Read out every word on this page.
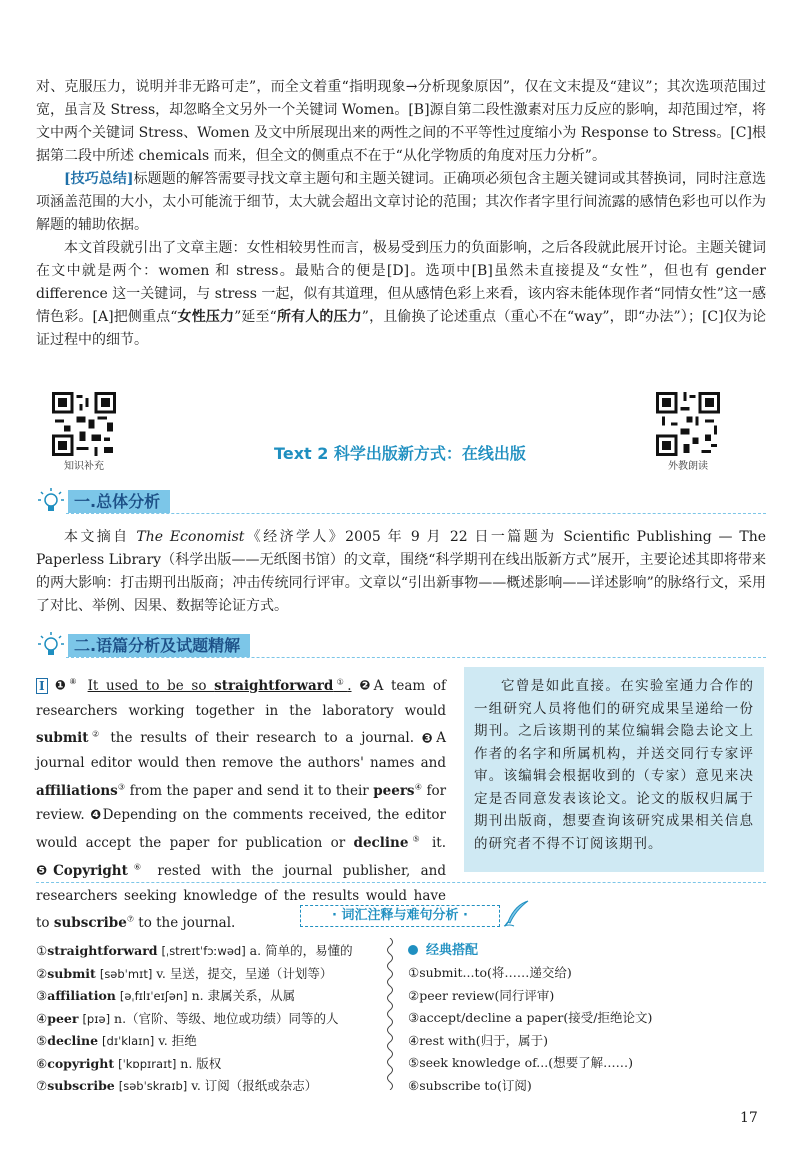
对、克服压力，说明并非无路可走”，而全文着重“指明现象→分析现象原因”，仅在文末提及“建议”；其次选项范围过宽，虽言及 Stress，却忽略全文另外一个关键词 Women。[B]源自第二段性激素对压力反应的影响，却范围过窄，将文中两个关键词 Stress、Women 及文中所展现出来的两性之间的不平等性过度缩小为 Response to Stress。[C]根据第二段中所述 chemicals 而来，但全文的侧重点不在于“从化学物质的角度对压力分析”。

[技巧总结]标题题的解答需要寻找文章主题句和主题关键词。正确项必须包含主题关键词或其替换词，同时注意选项涵盖范围的大小，太小可能流于细节，太大就会超出文章讨论的范围；其次作者字里行间流露的感情色彩也可以作为解题的辅助依据。

本文首段就引出了文章主题：女性相较男性而言，极易受到压力的负面影响，之后各段就此展开讨论。主题关键词在文中就是两个：women 和 stress。最贴合的便是[D]。选项中[B]虽然未直接提及“女性”，但也有 gender difference 这一关键词，与 stress 一起，似有其道理，但从感情色彩上来看，该内容未能体现作者“同情女性”这一感情色彩。[A]把侧重点“女性压力”延至“所有人的压力”，且偷换了论述重点（重心不在“way”，即“办法”）；[C]仅为论证过程中的细节。

知识补充	外教朗读
Text 2 科学出版新方式：在线出版
一.总体分析

本文摘自 The Economist《经济学人》2005 年 9 月 22 日一篇题为 Scientific Publishing — The Paperless Library（科学出版——无纸图书馆）的文章，围绕“科学期刊在线出版新方式”展开，主要论述其即将带来的两大影响：打击期刊出版商；冲击传统同行评审。文章以“引出新事物——概述影响——详述影响”的脉络行文，采用了对比、举例、因果、数据等论证方式。

二.语篇分析及试题精解
I ❶⑧ It used to be so straightforward①. ❷A team of researchers working together in the laboratory would submit② the results of their research to a journal. ❸A journal editor would then remove the authors' names and affiliations③ from the paper and send it to their peers④ for review. ❹Depending on the comments received, the editor would accept the paper for publication or decline⑤ it. ❺Copyright⑥ rested with the journal publisher, and researchers seeking knowledge of the results would have to subscribe⑦ to the journal.

它曾是如此直接。在实验室通力合作的一组研究人员将他们的研究成果呈递给一份期刊。之后该期刊的某位编辑会隐去论文上作者的名字和所属机构，并送交同行专家评审。该编辑会根据收到的（专家）意见来决定是否同意发表该论文。论文的版权归属于期刊出版商，想要查询该研究成果相关信息的研究者不得不订阅该期刊。

· 词汇注释与难句分析 ·
①straightforward [ˌstreɪtˈfɔːwəd] a. 简单的，易懂的
②submit [səbˈmɪt] v. 呈送，提交，呈递（计划等）
③affiliation [əˌfɪlɪˈeɪʃən] n. 隶属关系，从属
④peer [pɪə] n.（官阶、等级、地位或功绩）同等的人
⑤decline [dɪˈklaɪn] v. 拒绝
⑥copyright [ˈkɒpɪraɪt] n. 版权
⑦subscribe [səbˈskraɪb] v. 订阅（报纸或杂志）
经典搭配
①submit...to(将……递交给)
②peer review(同行评审)
③accept/decline a paper(接受/拒绝论文)
④rest with(归于，属于)
⑤seek knowledge of...(想要了解……)
⑥subscribe to(订阅)
17
